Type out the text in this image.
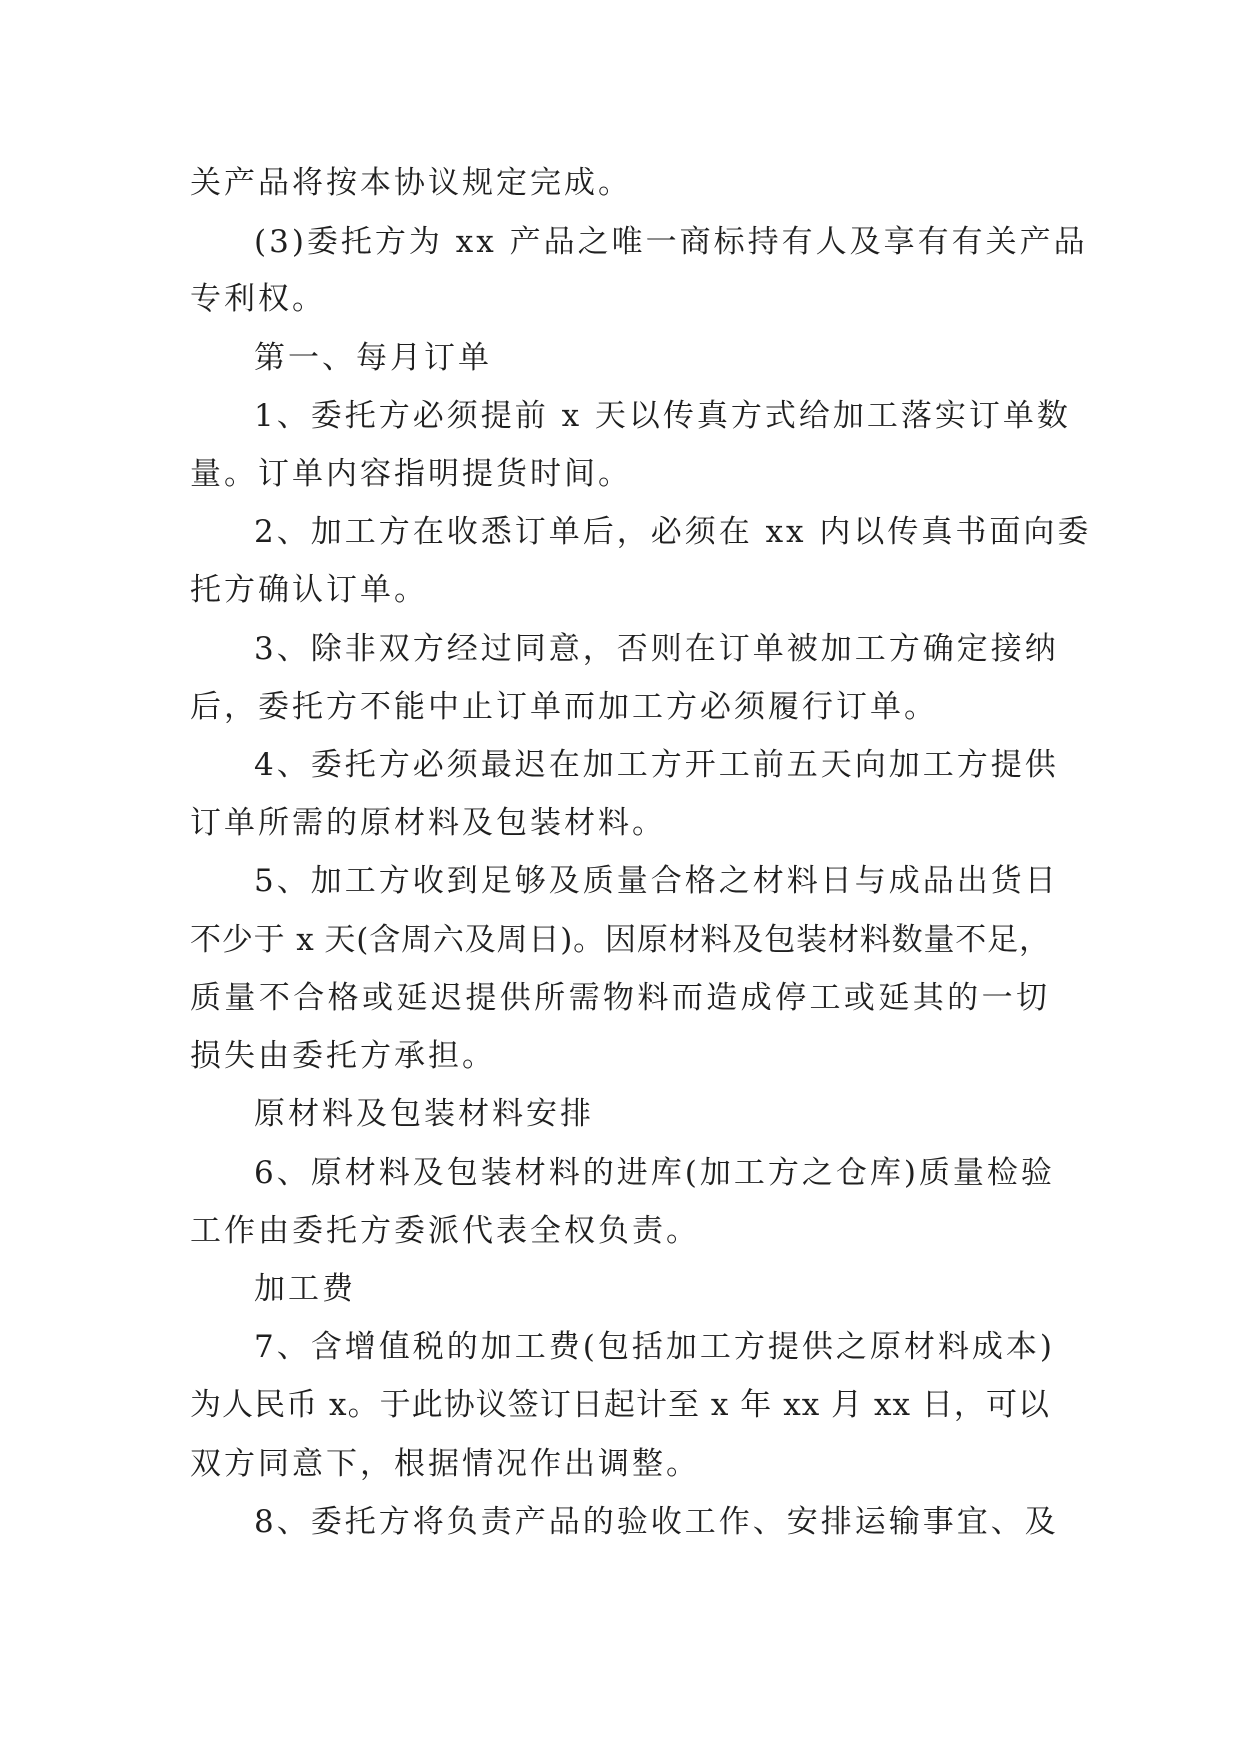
关产品将按本协议规定完成。
(3)委托方为 xx 产品之唯一商标持有人及享有有关产品
专利权。
第一、每月订单
1、委托方必须提前 x 天以传真方式给加工落实订单数
量。订单内容指明提货时间。
2、加工方在收悉订单后，必须在 xx 内以传真书面向委
托方确认订单。
3、除非双方经过同意，否则在订单被加工方确定接纳
后，委托方不能中止订单而加工方必须履行订单。
4、委托方必须最迟在加工方开工前五天向加工方提供
订单所需的原材料及包装材料。
5、加工方收到足够及质量合格之材料日与成品出货日
不少于 x 天(含周六及周日)。因原材料及包装材料数量不足，
质量不合格或延迟提供所需物料而造成停工或延其的一切
损失由委托方承担。
原材料及包装材料安排
6、原材料及包装材料的进库(加工方之仓库)质量检验
工作由委托方委派代表全权负责。
加工费
7、含增值税的加工费(包括加工方提供之原材料成本)
为人民币 x。于此协议签订日起计至 x 年 xx 月 xx 日，可以
双方同意下，根据情况作出调整。
8、委托方将负责产品的验收工作、安排运输事宜、及
